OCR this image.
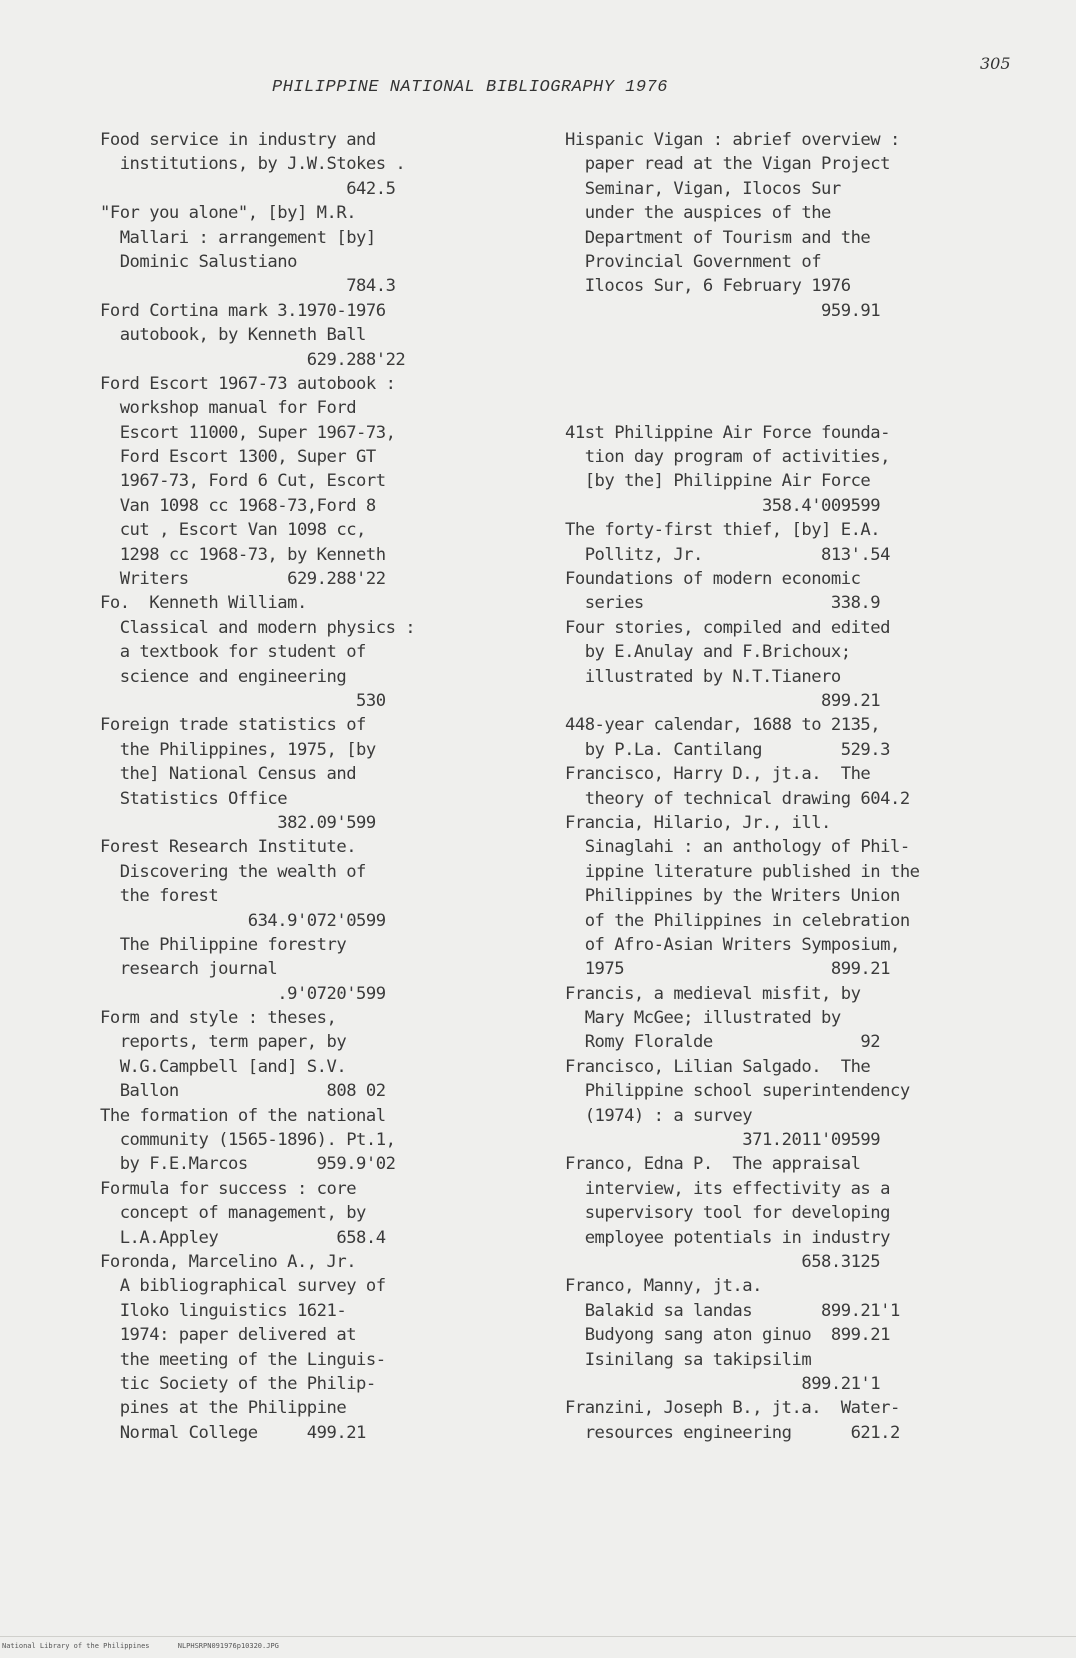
305
PHILIPPINE NATIONAL BIBLIOGRAPHY 1976
Food service in industry and
institutions, by J.W.Stokes .
642.5
"For you alone", [by] M.R.
Mallari : arrangement [by]
Dominic Salustiano
784.3
Ford Cortina mark 3.1970-1976
autobook, by Kenneth Ball
629.288'22
Ford Escort 1967-73 autobook :
workshop manual for Ford
Escort 11000, Super 1967-73,
Ford Escort 1300, Super GT
1967-73, Ford 6 Cut, Escort
Van 1098 cc 1968-73,Ford 8
cut , Escort Van 1098 cc,
1298 cc 1968-73, by Kenneth
Writers          629.288'22
Fo.  Kenneth William.
Classical and modern physics :
a textbook for student of
science and engineering
530
Foreign trade statistics of
the Philippines, 1975, [by
the] National Census and
Statistics Office
382.09'599
Forest Research Institute.
Discovering the wealth of
the forest
634.9'072'0599
The Philippine forestry
research journal
.9'0720'599
Form and style : theses,
reports, term paper, by
W.G.Campbell [and] S.V.
Ballon               808 02
The formation of the national
community (1565-1896). Pt.1,
by F.E.Marcos       959.9'02
Formula for success : core
concept of management, by
L.A.Appley            658.4
Foronda, Marcelino A., Jr.
A bibliographical survey of
Iloko linguistics 1621-
1974: paper delivered at
the meeting of the Linguis-
tic Society of the Philip-
pines at the Philippine
Normal College     499.21
Hispanic Vigan : abrief overview :
paper read at the Vigan Project
Seminar, Vigan, Ilocos Sur
under the auspices of the
Department of Tourism and the
Provincial Government of
Ilocos Sur, 6 February 1976
959.91
41st Philippine Air Force founda-
tion day program of activities,
[by the] Philippine Air Force
358.4'009599
The forty-first thief, [by] E.A.
Pollitz, Jr.            813'.54
Foundations of modern economic
series                   338.9
Four stories, compiled and edited
by E.Anulay and F.Brichoux;
illustrated by N.T.Tianero
899.21
448-year calendar, 1688 to 2135,
by P.La. Cantilang        529.3
Francisco, Harry D., jt.a.  The
theory of technical drawing 604.2
Francia, Hilario, Jr., ill.
Sinaglahi : an anthology of Phil-
ippine literature published in the
Philippines by the Writers Union
of the Philippines in celebration
of Afro-Asian Writers Symposium,
1975                     899.21
Francis, a medieval misfit, by
Mary McGee; illustrated by
Romy Floralde               92
Francisco, Lilian Salgado.  The
Philippine school superintendency
(1974) : a survey
371.2011'09599
Franco, Edna P.  The appraisal
interview, its effectivity as a
supervisory tool for developing
employee potentials in industry
658.3125
Franco, Manny, jt.a.
Balakid sa landas       899.21'1
Budyong sang aton ginuo  899.21
Isinilang sa takipsilim
899.21'1
Franzini, Joseph B., jt.a.  Water-
resources engineering      621.2
National Library of the Philippines	NLPHSRPN091976p10320.JPG
